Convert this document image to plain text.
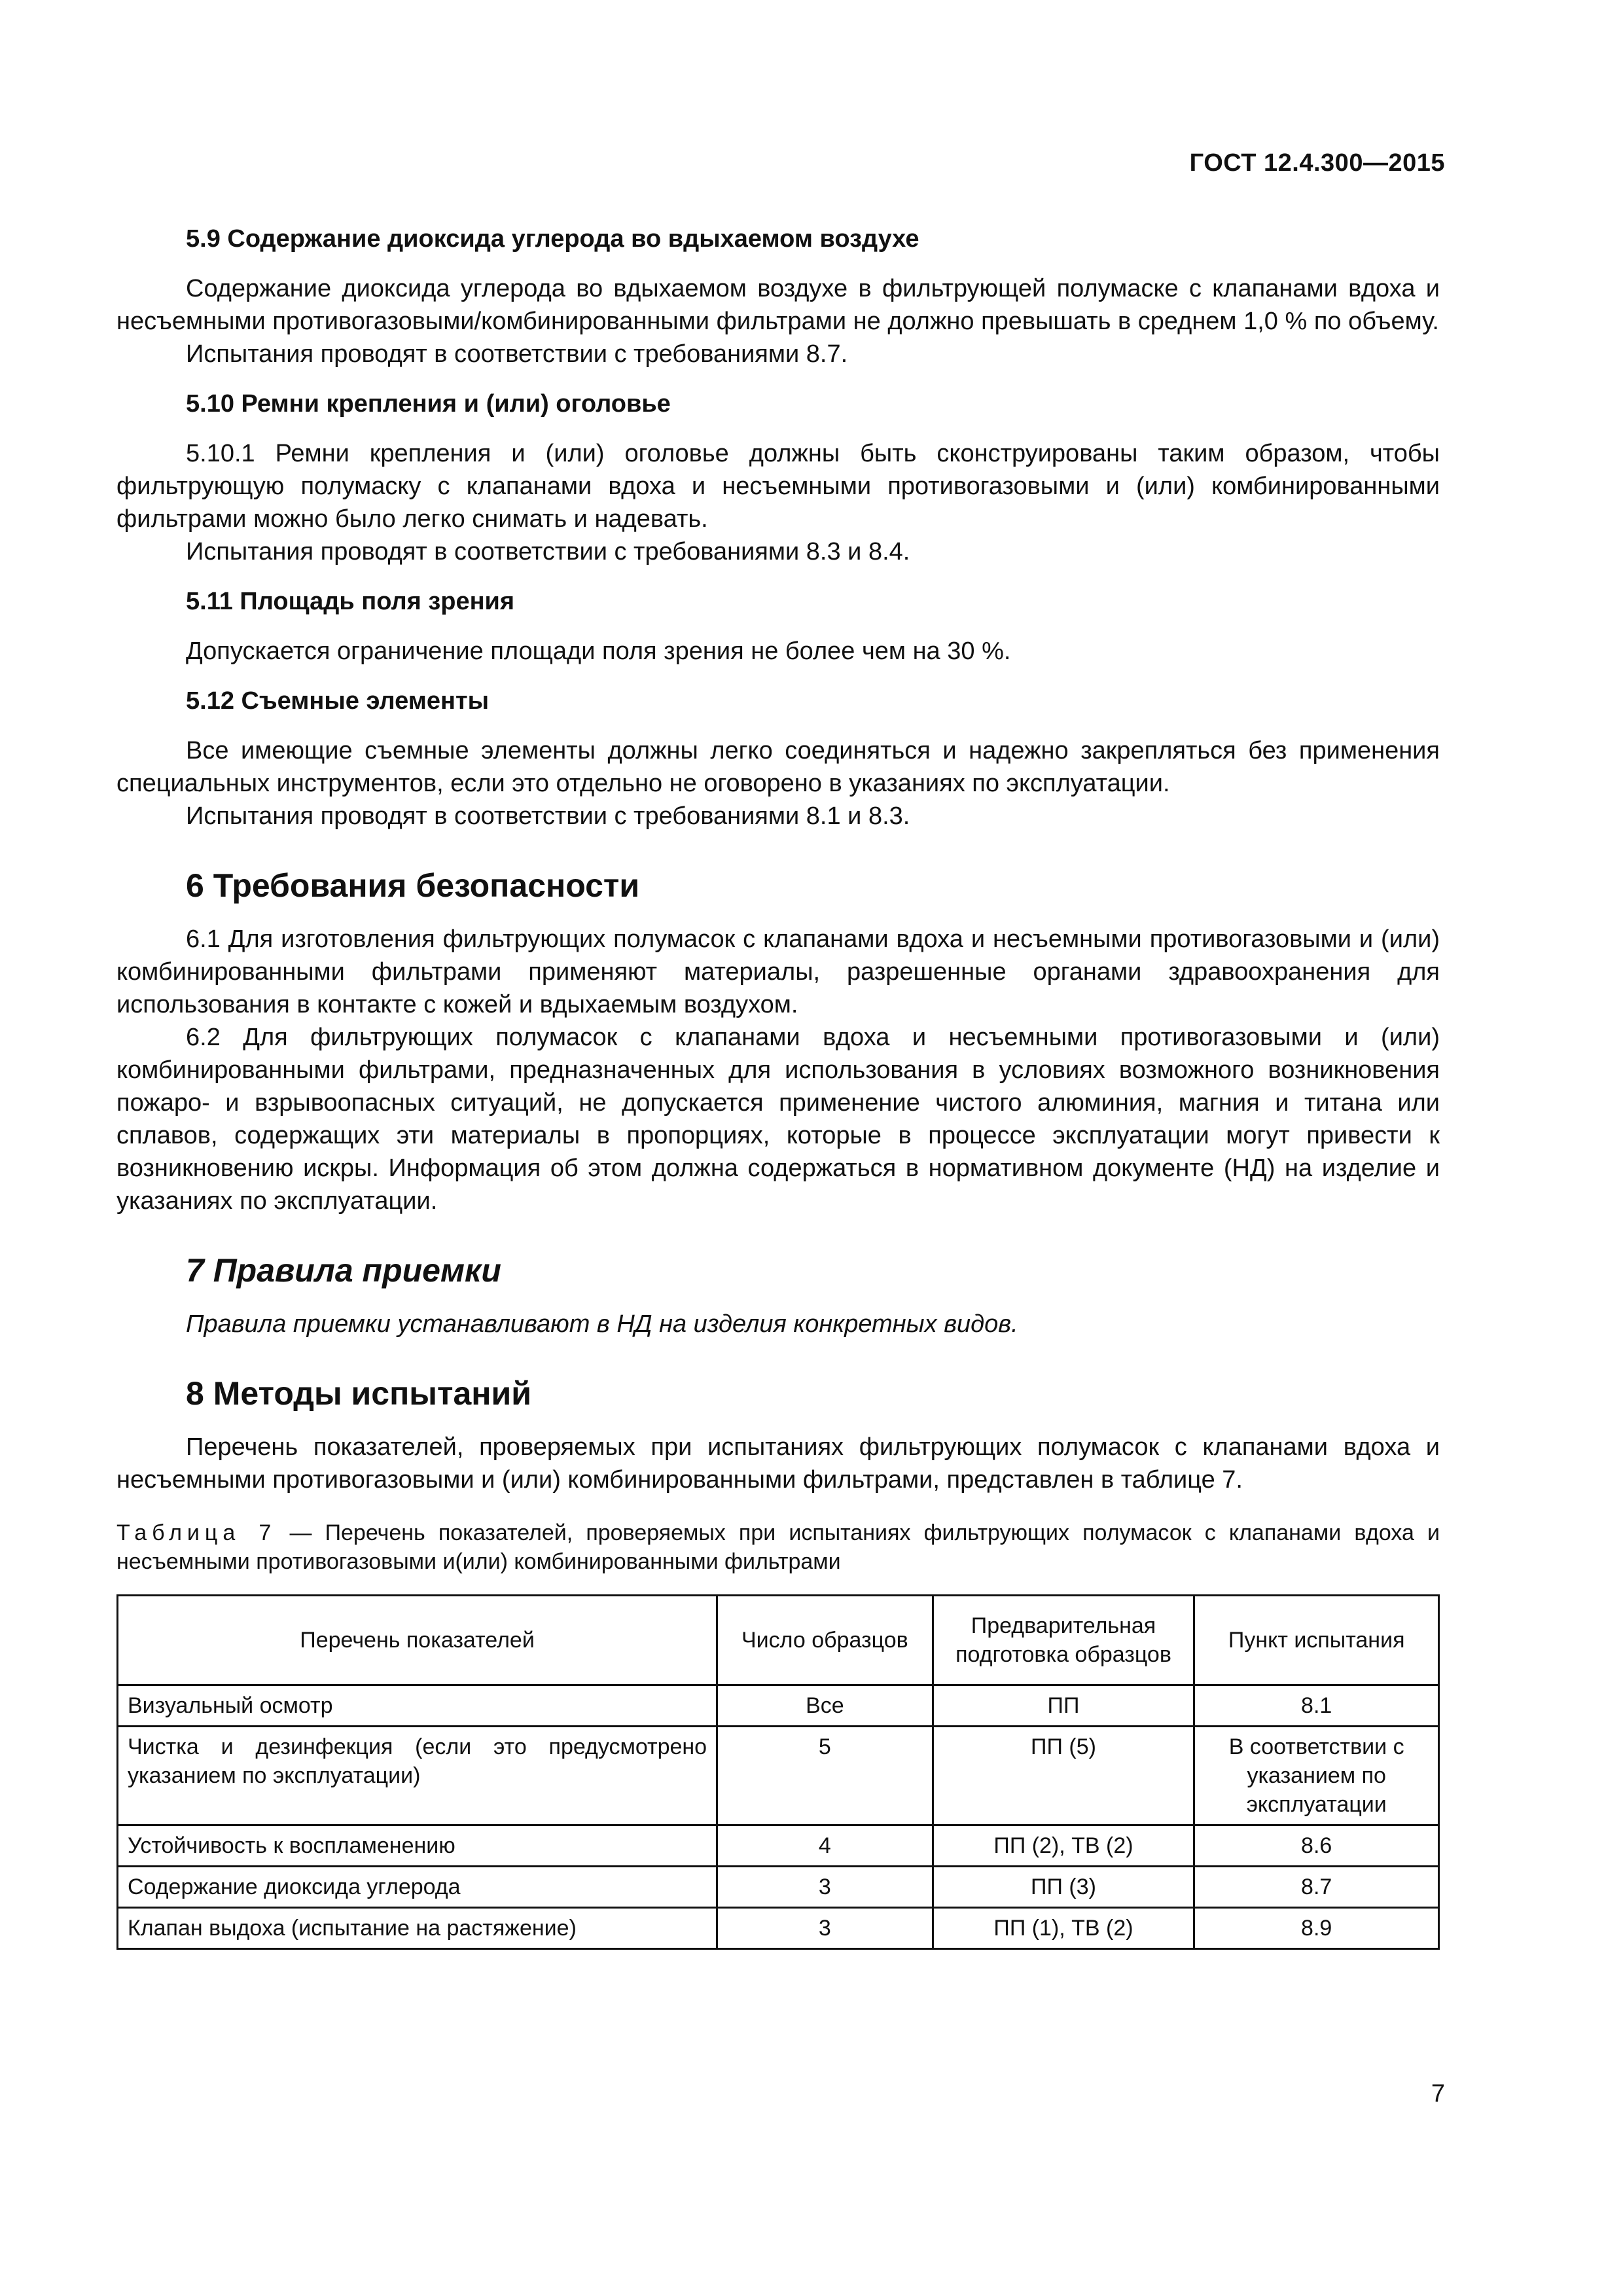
ГОСТ 12.4.300—2015
5.9 Содержание диоксида углерода во вдыхаемом воздухе

Содержание диоксида углерода во вдыхаемом воздухе в фильтрующей полумаске с клапанами вдоха и несъемными противогазовыми/комбинированными фильтрами не должно превышать в среднем 1,0 % по объему.

Испытания проводят в соответствии с требованиями 8.7.

5.10 Ремни крепления и (или) оголовье

5.10.1 Ремни крепления и (или) оголовье должны быть сконструированы таким образом, чтобы фильтрующую полумаску с клапанами вдоха и несъемными противогазовыми и (или) комбинированными фильтрами можно было легко снимать и надевать.

Испытания проводят в соответствии с требованиями 8.3 и 8.4.

5.11 Площадь поля зрения

Допускается ограничение площади поля зрения не более чем на 30 %.

5.12 Съемные элементы

Все имеющие съемные элементы должны легко соединяться и надежно закрепляться без применения специальных инструментов, если это отдельно не оговорено в указаниях по эксплуатации.

Испытания проводят в соответствии с требованиями 8.1 и 8.3.

6 Требования безопасности

6.1 Для изготовления фильтрующих полумасок с клапанами вдоха и несъемными противогазовыми и (или) комбинированными фильтрами применяют материалы, разрешенные органами здравоохранения для использования в контакте с кожей и вдыхаемым воздухом.

6.2 Для фильтрующих полумасок с клапанами вдоха и несъемными противогазовыми и (или) комбинированными фильтрами, предназначенных для использования в условиях возможного возникновения пожаро- и взрывоопасных ситуаций, не допускается применение чистого алюминия, магния и титана или сплавов, содержащих эти материалы в пропорциях, которые в процессе эксплуатации могут привести к возникновению искры. Информация об этом должна содержаться в нормативном документе (НД) на изделие и указаниях по эксплуатации.

7 Правила приемки

Правила приемки устанавливают в НД на изделия конкретных видов.

8 Методы испытаний

Перечень показателей, проверяемых при испытаниях фильтрующих полумасок с клапанами вдоха и несъемными противогазовыми и (или) комбинированными фильтрами, представлен в таблице 7.

Таблица 7 — Перечень показателей, проверяемых при испытаниях фильтрующих полумасок с клапанами вдоха и несъемными противогазовыми и(или) комбинированными фильтрами
Перечень показателей	Число образцов	Предварительная подготовка образцов	Пункт испытания
Визуальный осмотр	Все	ПП	8.1
Чистка и дезинфекция (если это предусмотрено указанием по эксплуатации)	5	ПП (5)	В соответствии с указанием по эксплуатации
Устойчивость к воспламенению	4	ПП (2), ТВ (2)	8.6
Содержание диоксида углерода	3	ПП (3)	8.7
Клапан выдоха (испытание на растяжение)	3	ПП (1), ТВ (2)	8.9
7
